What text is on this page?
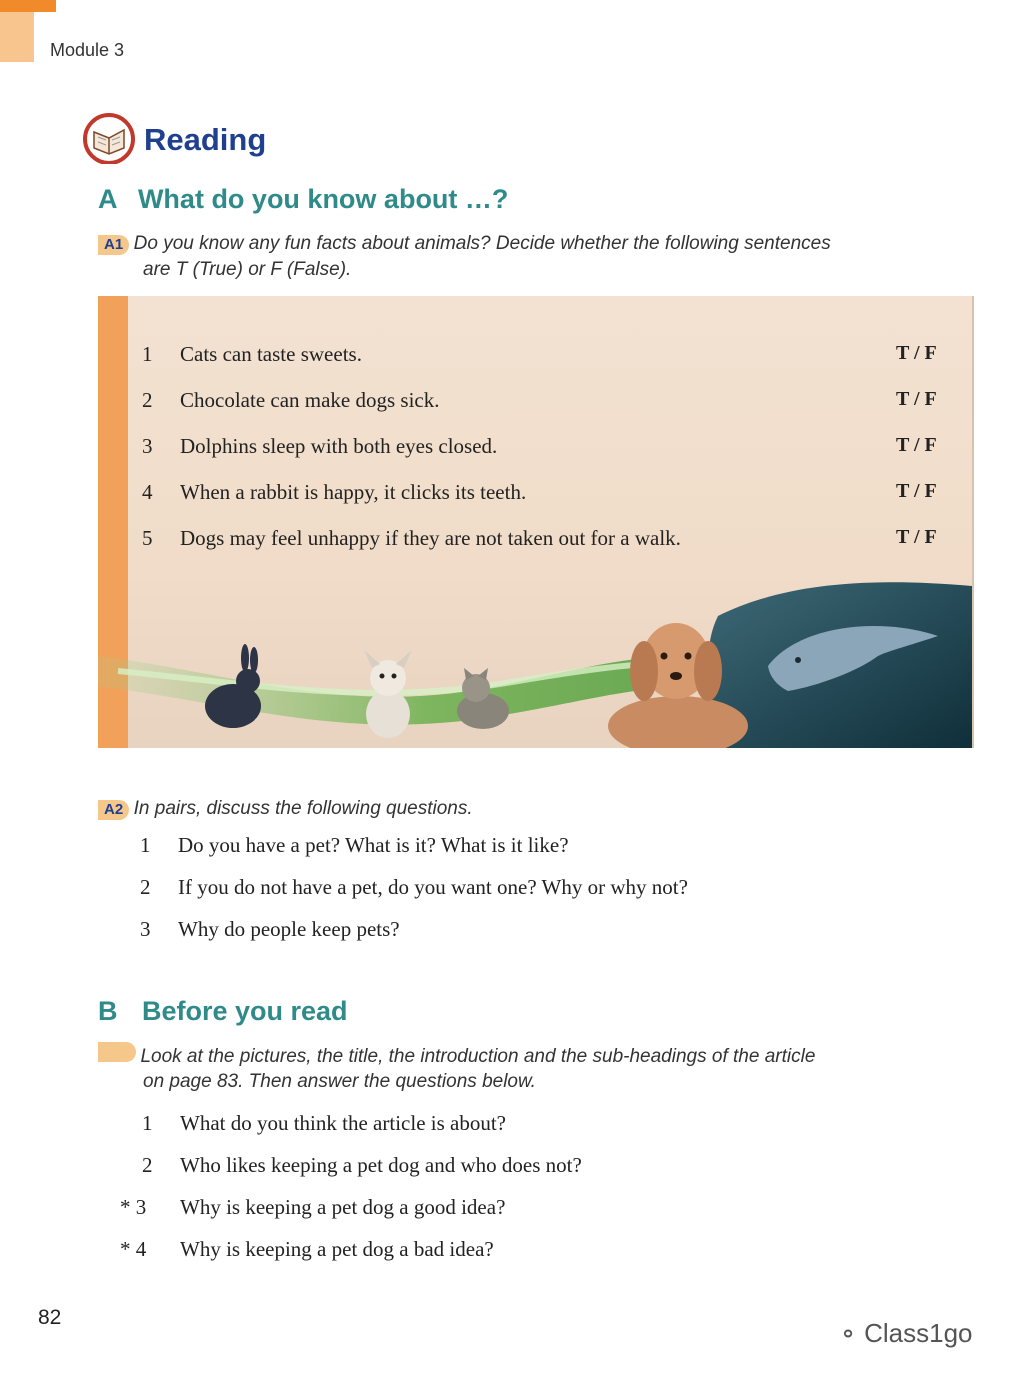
Module 3
Reading
A What do you know about …?
A1 Do you know any fun facts about animals? Decide whether the following sentences
are T (True) or F (False).
1 Cats can taste sweets.	T / F
2 Chocolate can make dogs sick.	T / F
3 Dolphins sleep with both eyes closed.	T / F
4 When a rabbit is happy, it clicks its teeth.	T / F
5 Dogs may feel unhappy if they are not taken out for a walk.	T / F
A2 In pairs, discuss the following questions.
1 Do you have a pet? What is it? What is it like?
2 If you do not have a pet, do you want one? Why or why not?
3 Why do people keep pets?
B Before you read
Look at the pictures, the title, the introduction and the sub-headings of the article
on page 83. Then answer the questions below.
1 What do you think the article is about?
2 Who likes keeping a pet dog and who does not?
* 3 Why is keeping a pet dog a good idea?
* 4 Why is keeping a pet dog a bad idea?
82
⚬ Class1go
